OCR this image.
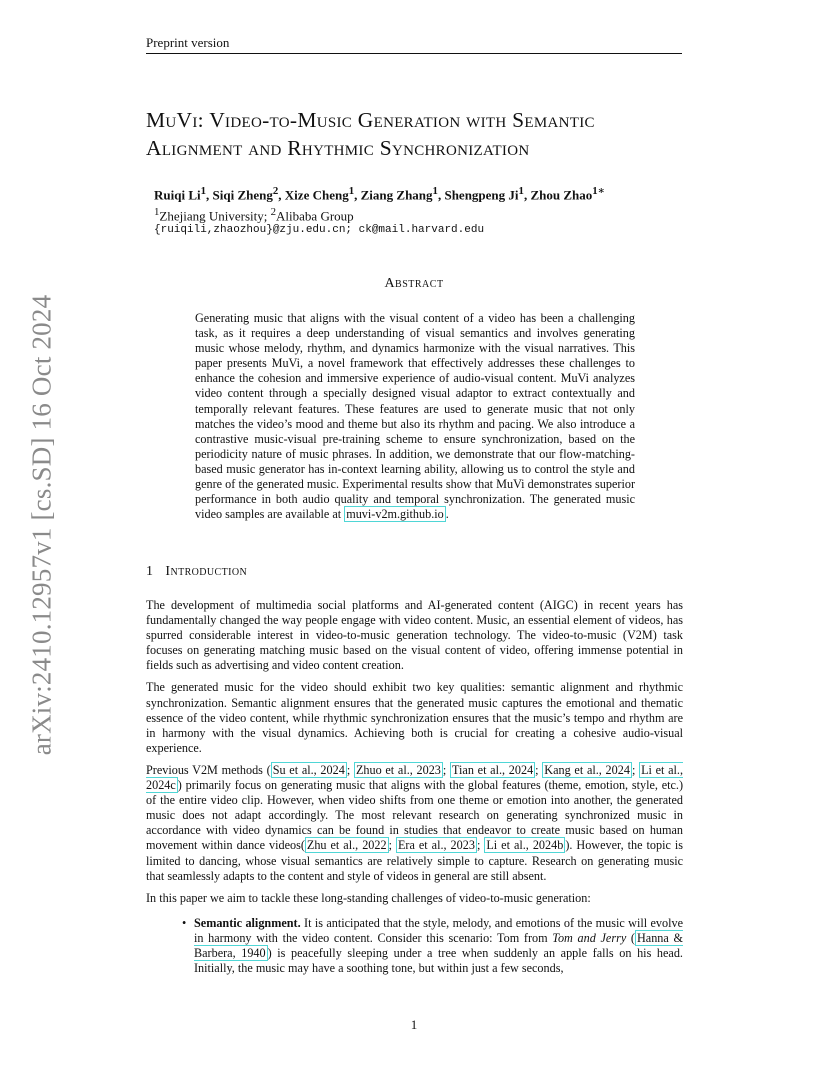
Preprint version
arXiv:2410.12957v1 [cs.SD] 16 Oct 2024
MuVi: Video-to-Music Generation with Semantic Alignment and Rhythmic Synchronization
Ruiqi Li$^1$, Siqi Zheng$^2$, Xize Cheng$^1$, Ziang Zhang$^1$, Shengpeng Ji$^1$, Zhou Zhao$^{1∗}$
$^1$Zhejiang University; $^2$Alibaba Group
{ruiqili,zhaozhou}@zju.edu.cn; ck@mail.harvard.edu
Abstract

Generating music that aligns with the visual content of a video has been a challenging task, as it requires a deep understanding of visual semantics and involves generating music whose melody, rhythm, and dynamics harmonize with the visual narratives. This paper presents MuVi, a novel framework that effectively addresses these challenges to enhance the cohesion and immersive experience of audio-visual content. MuVi analyzes video content through a specially designed visual adaptor to extract contextually and temporally relevant features. These features are used to generate music that not only matches the video’s mood and theme but also its rhythm and pacing. We also introduce a contrastive music-visual pre-training scheme to ensure synchronization, based on the periodicity nature of music phrases. In addition, we demonstrate that our flow-matching-based music generator has in-context learning ability, allowing us to control the style and genre of the generated music. Experimental results show that MuVi demonstrates superior performance in both audio quality and temporal synchronization. The generated music video samples are available at muvi-v2m.github.io .

1 Introduction

The development of multimedia social platforms and AI-generated content (AIGC) in recent years has fundamentally changed the way people engage with video content. Music, an essential element of videos, has spurred considerable interest in video-to-music generation technology. The video-to-music (V2M) task focuses on generating matching music based on the visual content of video, offering immense potential in fields such as advertising and video content creation.

The generated music for the video should exhibit two key qualities: semantic alignment and rhythmic synchronization. Semantic alignment ensures that the generated music captures the emotional and thematic essence of the video content, while rhythmic synchronization ensures that the music’s tempo and rhythm are in harmony with the visual dynamics. Achieving both is crucial for creating a cohesive audio-visual experience.

Previous V2M methods ( Su et al., 2024 ; Zhuo et al., 2023 ; Tian et al., 2024 ; Kang et al., 2024 ; Li et al., 2024c ) primarily focus on generating music that aligns with the global features (theme, emotion, style, etc.) of the entire video clip. However, when video shifts from one theme or emotion into another, the generated music does not adapt accordingly. The most relevant research on generating synchronized music in accordance with video dynamics can be found in studies that endeavor to create music based on human movement within dance videos( Zhu et al., 2022 ; Era et al., 2023 ; Li et al., 2024b ). However, the topic is limited to dancing, whose visual semantics are relatively simple to capture. Research on generating music that seamlessly adapts to the content and style of videos in general are still absent.

In this paper we aim to tackle these long-standing challenges of video-to-music generation:

• Semantic alignment. It is anticipated that the style, melody, and emotions of the music will evolve in harmony with the video content. Consider this scenario: Tom from Tom and Jerry ( Hanna & Barbera, 1940 ) is peacefully sleeping under a tree when suddenly an apple falls on his head. Initially, the music may have a soothing tone, but within just a few seconds,
1
